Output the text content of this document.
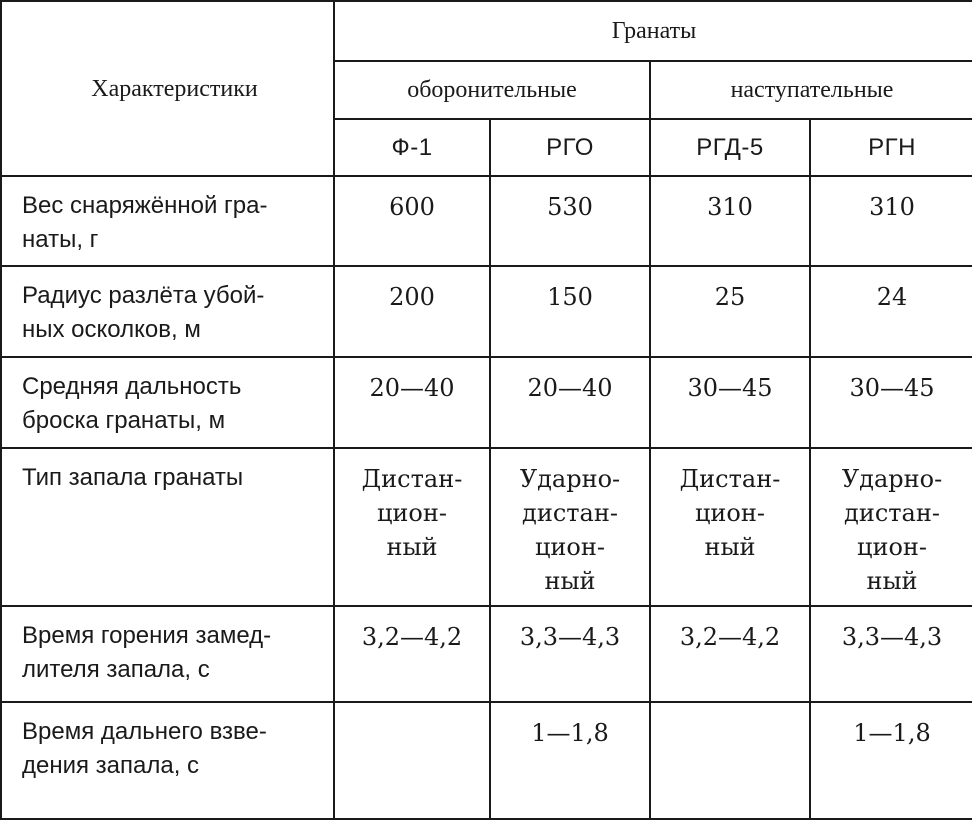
Характеристики	Гранаты			
	оборонительные		наступательные	
	Ф-1	РГО	РГД-5	РГН

Вес снаряжённой гра-
наты, г	600	530	310	310

Радиус разлёта убой-
ных осколков, м	200	150	25	24

Средняя дальность
броска гранаты, м	20—40	20—40	30—45	30—45

Тип запала гранаты	Дистан-
цион-
ный	Ударно-
дистан-
цион-
ный	Дистан-
цион-
ный	Ударно-
дистан-
цион-
ный

Время горения замед-
лителя запала, с	3,2—4,2	3,3—4,3	3,2—4,2	3,3—4,3

Время дальнего взве-
дения запала, с		1—1,8		1—1,8
